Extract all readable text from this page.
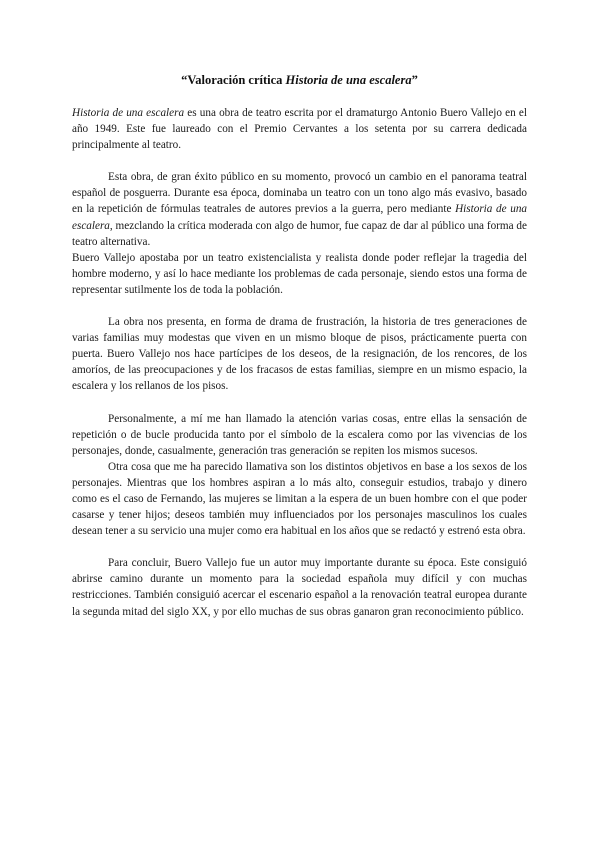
“Valoración crítica Historia de una escalera”

Historia de una escalera es una obra de teatro escrita por el dramaturgo Antonio Buero Vallejo en el año 1949. Este fue laureado con el Premio Cervantes a los setenta por su carrera dedicada principalmente al teatro.

Esta obra, de gran éxito público en su momento, provocó un cambio en el panorama teatral español de posguerra. Durante esa época, dominaba un teatro con un tono algo más evasivo, basado en la repetición de fórmulas teatrales de autores previos a la guerra, pero mediante Historia de una escalera, mezclando la crítica moderada con algo de humor, fue capaz de dar al público una forma de teatro alternativa.

Buero Vallejo apostaba por un teatro existencialista y realista donde poder reflejar la tragedia del hombre moderno, y así lo hace mediante los problemas de cada personaje, siendo estos una forma de representar sutilmente los de toda la población.

La obra nos presenta, en forma de drama de frustración, la historia de tres generaciones de varias familias muy modestas que viven en un mismo bloque de pisos, prácticamente puerta con puerta. Buero Vallejo nos hace partícipes de los deseos, de la resignación, de los rencores, de los amoríos, de las preocupaciones y de los fracasos de estas familias, siempre en un mismo espacio, la escalera y los rellanos de los pisos.

Personalmente, a mí me han llamado la atención varias cosas, entre ellas la sensación de repetición o de bucle producida tanto por el símbolo de la escalera como por las vivencias de los personajes, donde, casualmente, generación tras generación se repiten los mismos sucesos.

Otra cosa que me ha parecido llamativa son los distintos objetivos en base a los sexos de los personajes. Mientras que los hombres aspiran a lo más alto, conseguir estudios, trabajo y dinero como es el caso de Fernando, las mujeres se limitan a la espera de un buen hombre con el que poder casarse y tener hijos; deseos también muy influenciados por los personajes masculinos los cuales desean tener a su servicio una mujer como era habitual en los años que se redactó y estrenó esta obra.

Para concluir, Buero Vallejo fue un autor muy importante durante su época. Este consiguió abrirse camino durante un momento para la sociedad española muy difícil y con muchas restricciones. También consiguió acercar el escenario español a la renovación teatral europea durante la segunda mitad del siglo XX, y por ello muchas de sus obras ganaron gran reconocimiento público.
